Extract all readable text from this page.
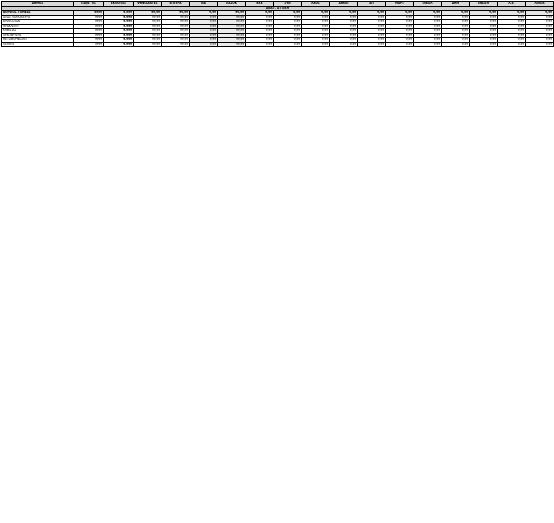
ΔΗΜΟΣ	Πληθ. '01	ΕΚΛΟΓΕΙΣ	ΨΗΦΙΣΑΝΤΕΣ	ΕΓΚΥΡΑ	ΝΔ	ΠΑΣΟΚ	ΚΚΕ	ΣΥΝ	ΛΑΟΣ	ΔΗΚΚΙ	ΑΠ	ΜΑΡΞ	ΟΙΚΟΛ	ΔΗΜ	ΕΝΩΣΗ	Λ.Ε.	ΛΟΙΠΑ
ΑΝΑΤ. ΑΤΤΙΚΗ																	
ΒΟΡΕΙΟΣ ΤΟΜΕΑΣ	9999	9.999	99,99	99,99	9,99	99,99	9,99	9,99	9,99	9,99	9,99	9,99	9,99	9,99	9,99	9,99	9,99
ΑΓΙΑΣ ΠΑΡΑΣΚΕΥΗΣ	9999	9.999	99,99	99,99	9,99	99,99	9,99	9,99	9,99	9,99	9,99	9,99	9,99	9,99	9,99	9,99	9,99
ΒΡΙΛΗΣΣΙΩΝ	9999	9.999	99,99	99,99	9,99	99,99	9,99	9,99	9,99	9,99	9,99	9,99	9,99	9,99	9,99	9,99	9,99
ΗΡΑΚΛΕΙΟΥ	9999	9.999	99,99	99,99	9,99	99,99	9,99	9,99	9,99	9,99	9,99	9,99	9,99	9,99	9,99	9,99	9,99
ΚΗΦΙΣΙΑΣ	9999	9.999	99,99	99,99	9,99	99,99	9,99	9,99	9,99	9,99	9,99	9,99	9,99	9,99	9,99	9,99	9,99
ΛΥΚΟΒΡΥΣΗΣ	9999	9.999	99,99	99,99	9,99	99,99	9,99	9,99	9,99	9,99	9,99	9,99	9,99	9,99	9,99	9,99	9,99
ΜΕΤΑΜΟΡΦΩΣΗΣ	9999	9.999	99,99	99,99	9,99	99,99	9,99	9,99	9,99	9,99	9,99	9,99	9,99	9,99	9,99	9,99	9,99
ΠΕΥΚΗΣ	9999	9.999	99,99	99,99	9,99	99,99	9,99	9,99	9,99	9,99	9,99	9,99	9,99	9,99	9,99	9,99	9,99
